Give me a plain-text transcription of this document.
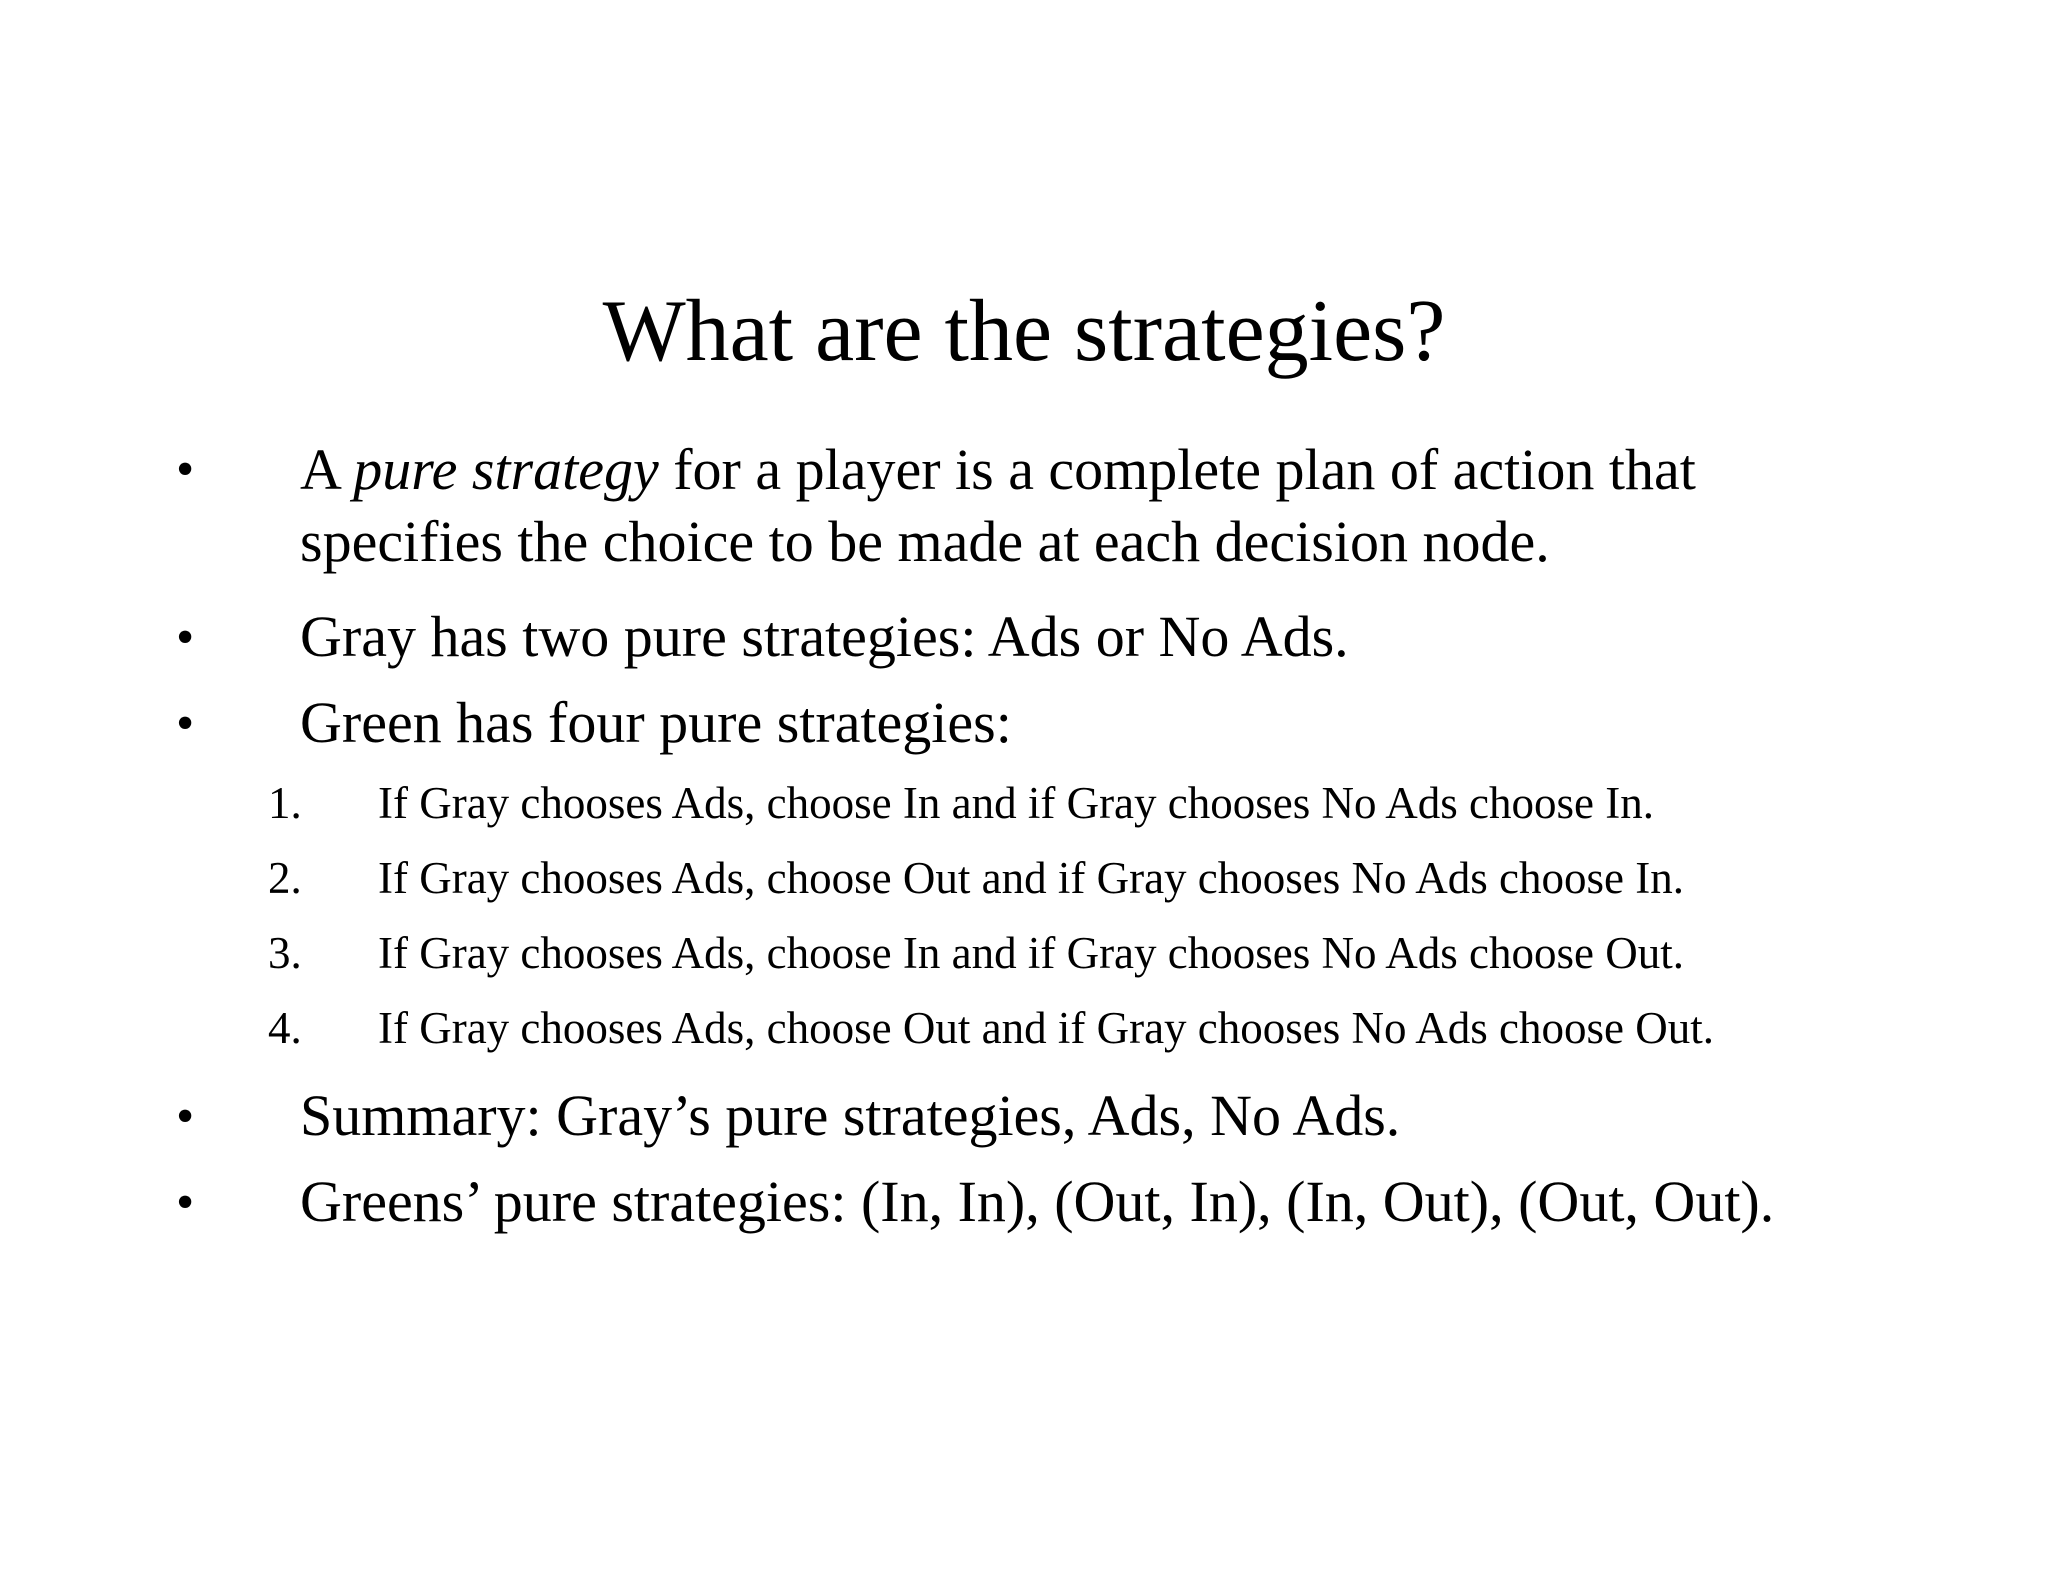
What are the strategies?
• A pure strategy for a player is a complete plan of action that
specifies the choice to be made at each decision node.
• Gray has two pure strategies: Ads or No Ads.
• Green has four pure strategies:
1. If Gray chooses Ads, choose In and if Gray chooses No Ads choose In.
2. If Gray chooses Ads, choose Out and if Gray chooses No Ads choose In.
3. If Gray chooses Ads, choose In and if Gray chooses No Ads choose Out.
4. If Gray chooses Ads, choose Out and if Gray chooses No Ads choose Out.
• Summary: Gray’s pure strategies, Ads, No Ads.
• Greens’ pure strategies: (In, In), (Out, In), (In, Out), (Out, Out).
